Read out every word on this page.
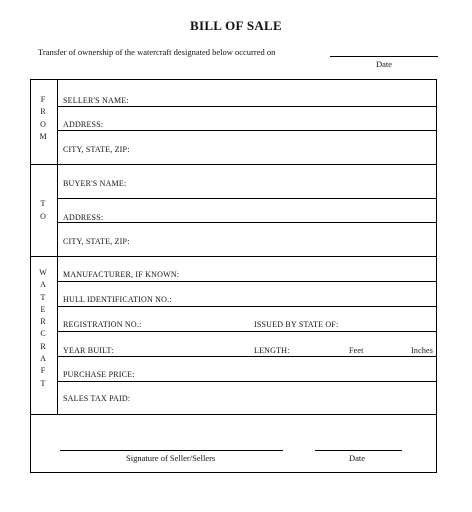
BILL OF SALE
Transfer of ownership of the watercraft designated below occurred on
Date
F
R
O
M
T
O
W
A
T
E
R
C
R
A
F
T
SELLER'S NAME:
ADDRESS:
CITY, STATE, ZIP:
BUYER'S NAME:
ADDRESS:
CITY, STATE, ZIP:
MANUFACTURER, IF KNOWN:
HULL IDENTIFICATION NO.:
REGISTRATION NO.:	ISSUED BY STATE OF:
YEAR BUILT:	LENGTH:	Feet	Inches
PURCHASE PRICE:
SALES TAX PAID:
Signature of Seller/Sellers	Date
